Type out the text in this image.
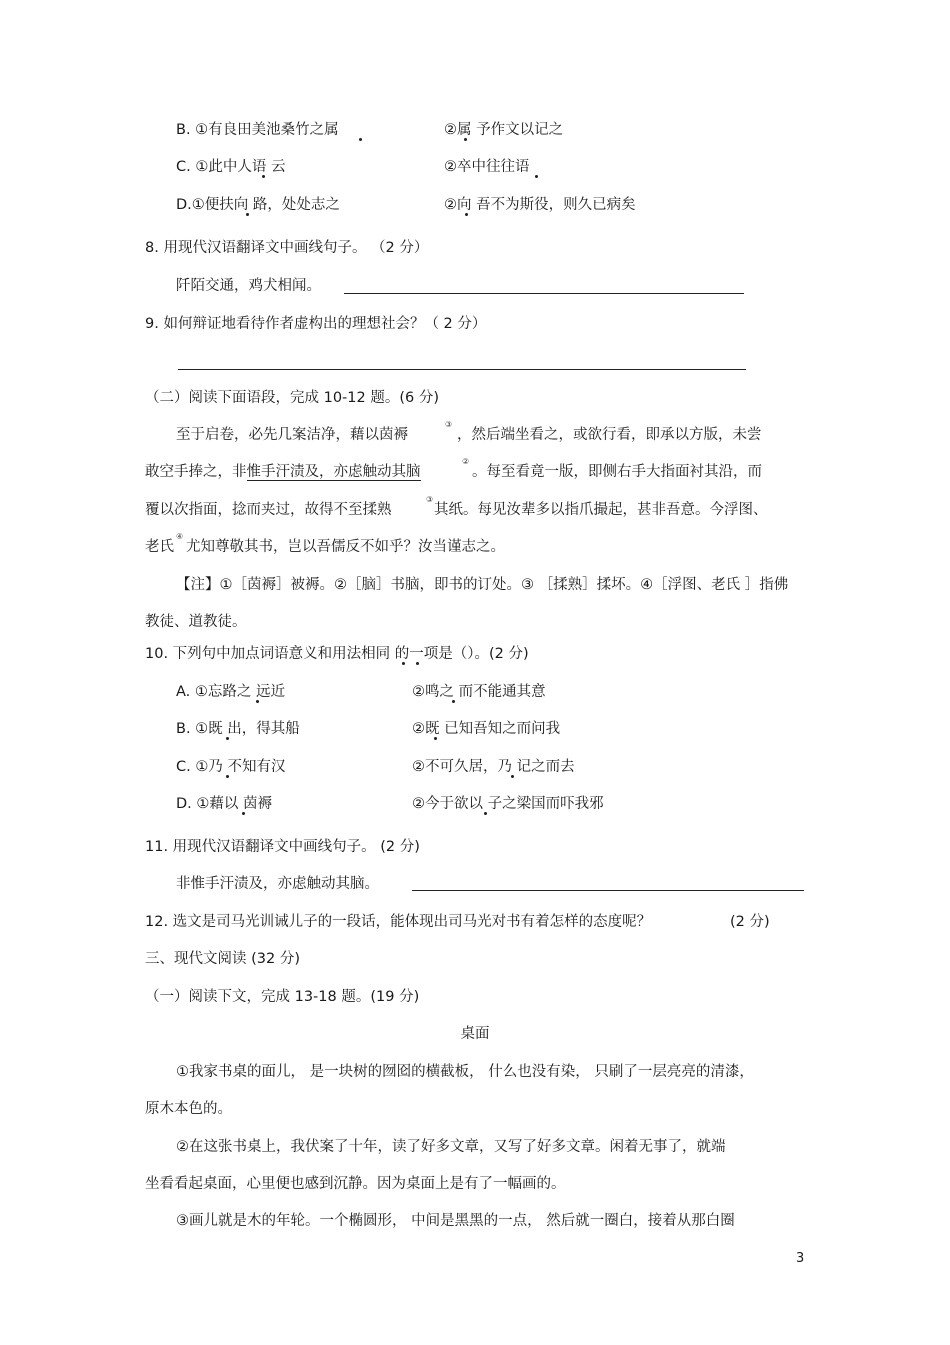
B. ①有良田美池桑竹之属	②属 予作文以记之
C. ①此中人语 云	②卒中往往语
D.①便扶向 路，处处志之	②向 吾不为斯役，则久已病矣
8. 用现代汉语翻译文中画线句子。 （2 分）
阡陌交通，鸡犬相闻。
9. 如何辩证地看待作者虚构出的理想社会？（ 2 分）
（二）阅读下面语段，完成 10-12 题。(6 分)
至于启卷，必先几案洁净，藉以茵褥
③
，然后端坐看之，或欲行看，即承以方版，未尝
敢空手捧之，非惟手汗渍及，亦虑触动其脑
②
。每至看竟一版，即侧右手大指面衬其沿，而
覆以次指面，捻而夹过，故得不至揉熟
③
其纸。每见汝辈多以指爪撮起，甚非吾意。今浮图、
老氏
④
尤知尊敬其书，岂以吾儒反不如乎？汝当谨志之。
【注】①［茵褥］被褥。②［脑］书脑，即书的订处。③ ［揉熟］揉坏。④［浮图、老氏 ］指佛
教徒、道教徒。
10. 下列句中加点词语意义和用法相同 的一项是（）。(2 分)
A. ①忘路之 远近	②鸣之 而不能通其意
B. ①既 出，得其船	②既 已知吾知之而问我
C. ①乃 不知有汉	②不可久居，乃 记之而去
D. ①藉以 茵褥	②今于欲以 子之梁国而吓我邪
11. 用现代汉语翻译文中画线句子。 (2 分)
非惟手汗渍及，亦虑触动其脑。
12. 选文是司马光训诫儿子的一段话，能体现出司马光对书有着怎样的态度呢？	(2 分)
三、现代文阅读 (32 分)
（一）阅读下文，完成 13-18 题。(19 分)
桌面
①我家书桌的面儿， 是一块树的囫囵的横截板， 什么也没有染， 只刷了一层亮亮的清漆，
原木本色的。
②在这张书桌上，我伏案了十年，读了好多文章，又写了好多文章。闲着无事了，就端
坐看看起桌面，心里便也感到沉静。因为桌面上是有了一幅画的。
③画儿就是木的年轮。一个椭圆形， 中间是黑黑的一点， 然后就一圈白，接着从那白圈
3
